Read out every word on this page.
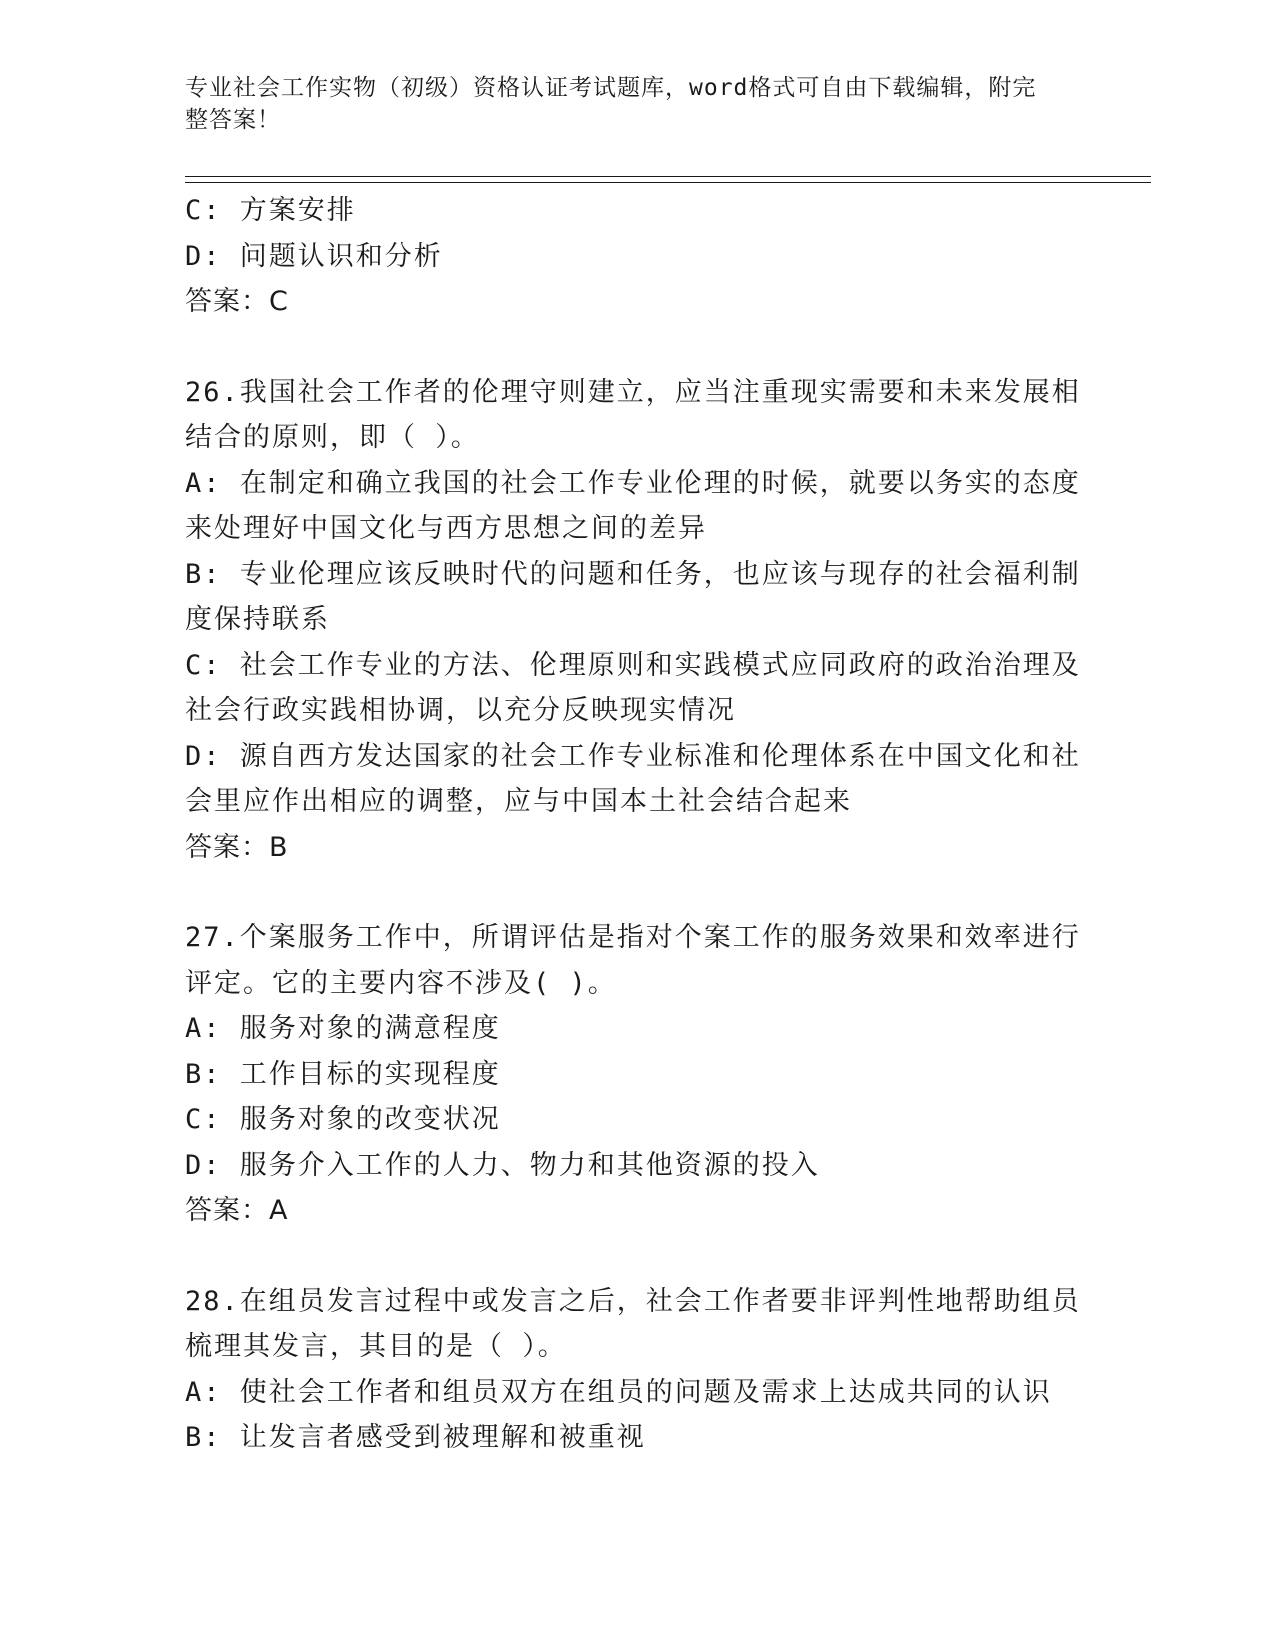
专业社会工作实物（初级）资格认证考试题库，word格式可自由下载编辑，附完
整答案！
C: 方案安排
D: 问题认识和分析
答案：C
26.我国社会工作者的伦理守则建立，应当注重现实需要和未来发展相
结合的原则，即（ ）。
A: 在制定和确立我国的社会工作专业伦理的时候，就要以务实的态度
来处理好中国文化与西方思想之间的差异
B: 专业伦理应该反映时代的问题和任务，也应该与现存的社会福利制
度保持联系
C: 社会工作专业的方法、伦理原则和实践模式应同政府的政治治理及
社会行政实践相协调，以充分反映现实情况
D: 源自西方发达国家的社会工作专业标准和伦理体系在中国文化和社
会里应作出相应的调整，应与中国本土社会结合起来
答案：B
27.个案服务工作中，所谓评估是指对个案工作的服务效果和效率进行
评定。它的主要内容不涉及( )。
A: 服务对象的满意程度
B: 工作目标的实现程度
C: 服务对象的改变状况
D: 服务介入工作的人力、物力和其他资源的投入
答案：A
28.在组员发言过程中或发言之后，社会工作者要非评判性地帮助组员
梳理其发言，其目的是（ ）。
A: 使社会工作者和组员双方在组员的问题及需求上达成共同的认识
B: 让发言者感受到被理解和被重视
